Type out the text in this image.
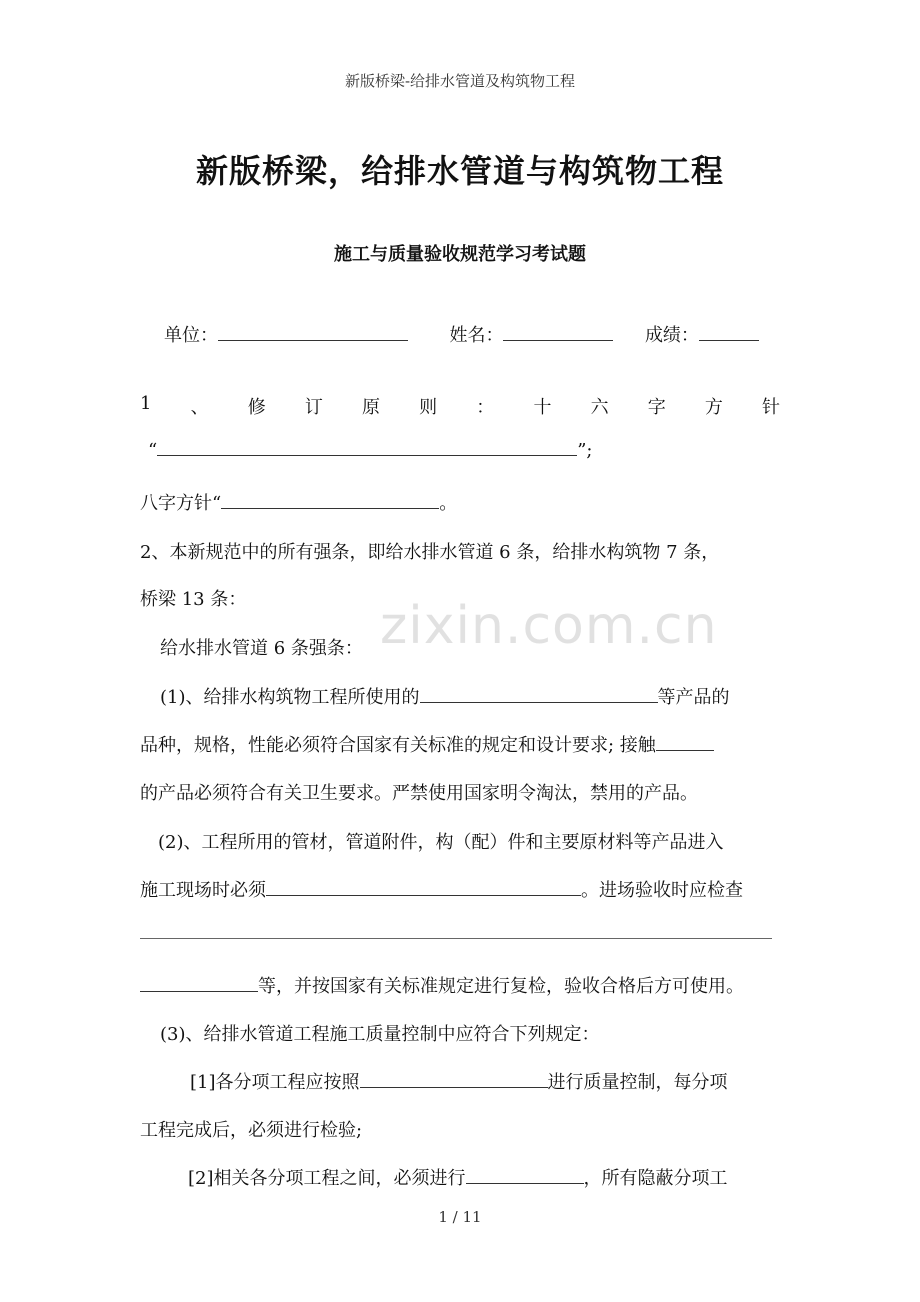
新版桥梁-给排水管道及构筑物工程
新版桥梁，给排水管道与构筑物工程
施工与质量验收规范学习考试题
单位：	姓名：	成绩：
1 、 修 订 原 则 ： 十 六 字 方 针
“	”;
八字方针“	。
2、本新规范中的所有强条，即给水排水管道 6 条，给排水构筑物 7 条，
桥梁 13 条：
给水排水管道 6 条强条： zixin.com.cn
(1)、给排水构筑物工程所使用的	等产品的
品种，规格，性能必须符合国家有关标准的规定和设计要求; 接触
的产品必须符合有关卫生要求。严禁使用国家明令淘汰，禁用的产品。
(2)、工程所用的管材，管道附件，构（配）件和主要原材料等产品进入
施工现场时必须	。进场验收时应检查
等，并按国家有关标准规定进行复检，验收合格后方可使用。
(3)、给排水管道工程施工质量控制中应符合下列规定：
[1]各分项工程应按照	进行质量控制，每分项
工程完成后，必须进行检验;
[2]相关各分项工程之间，必须进行	，所有隐蔽分项工
1 / 11
